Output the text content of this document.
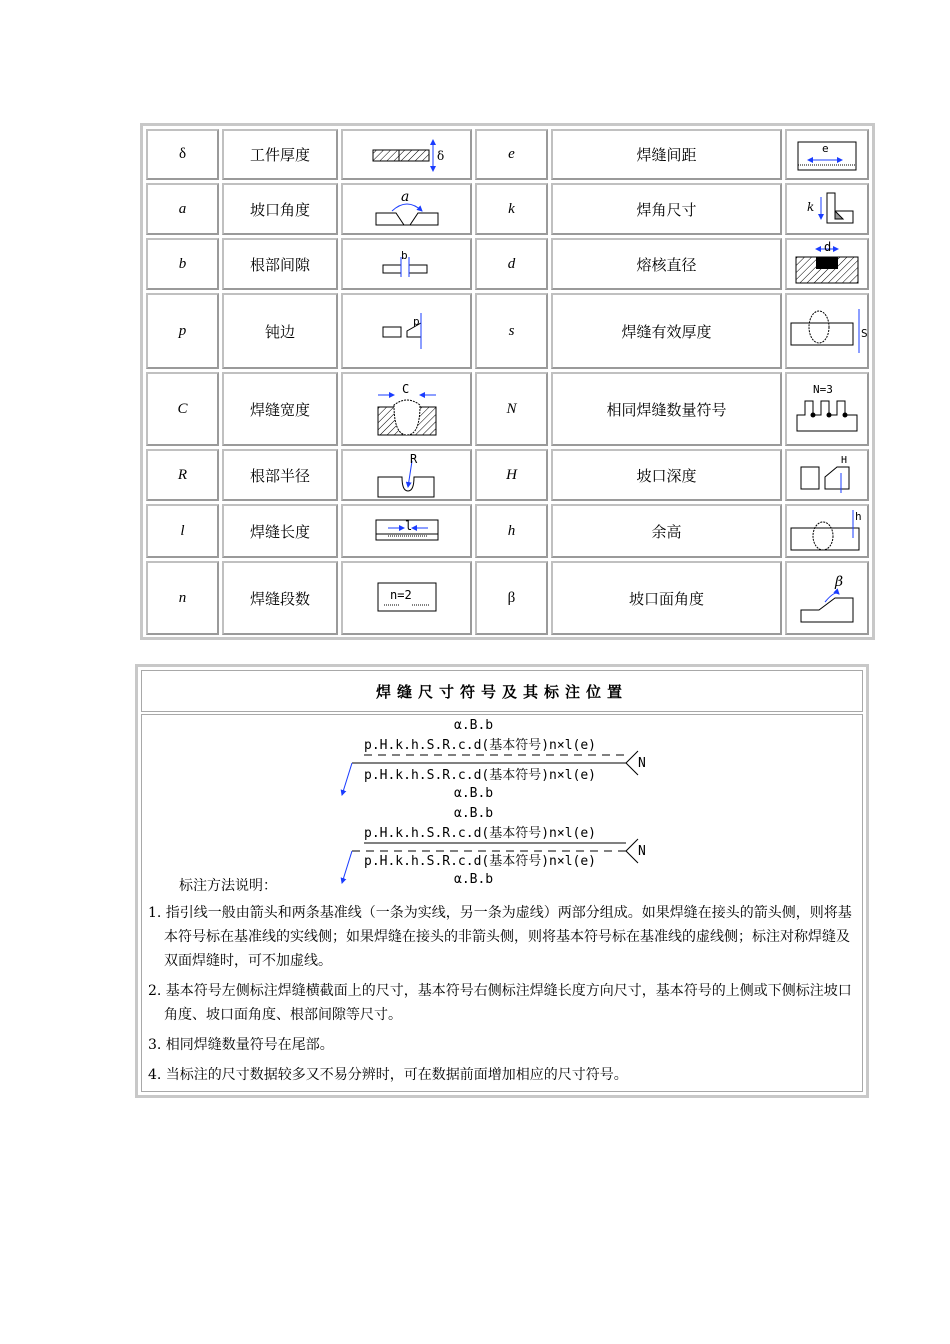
δ	工件厚度	δ	e	焊缝间距	e

a	坡口角度	a	k	焊角尺寸	k

b	根部间隙	b	d	熔核直径	d

p	钝边	p	s	焊缝有效厚度	S

C	焊缝宽度	C	N	相同焊缝数量符号	N=3

R	根部半径	R	H	坡口深度	H

l	焊缝长度	l	h	余高	h

n	焊缝段数	n=2	β	坡口面角度	β
焊缝尺寸符号及其标注位置
α.B.b
p.H.k.h.S.R.c.d(基本符号)n×l(e)
p.H.k.h.S.R.c.d(基本符号)n×l(e)
N
α.B.b
α.B.b
p.H.k.h.S.R.c.d(基本符号)n×l(e)
p.H.k.h.S.R.c.d(基本符号)n×l(e)
N
α.B.b
标注方法说明：

1. 指引线一般由箭头和两条基准线（一条为实线，另一条为虚线）两部分组成。如果焊缝在接头的箭头侧，则将基本符号标在基准线的实线侧；如果焊缝在接头的非箭头侧，则将基本符号标在基准线的虚线侧；标注对称焊缝及双面焊缝时，可不加虚线。

2. 基本符号左侧标注焊缝横截面上的尺寸，基本符号右侧标注焊缝长度方向尺寸，基本符号的上侧或下侧标注坡口角度、坡口面角度、根部间隙等尺寸。

3. 相同焊缝数量符号在尾部。

4. 当标注的尺寸数据较多又不易分辨时，可在数据前面增加相应的尺寸符号。
